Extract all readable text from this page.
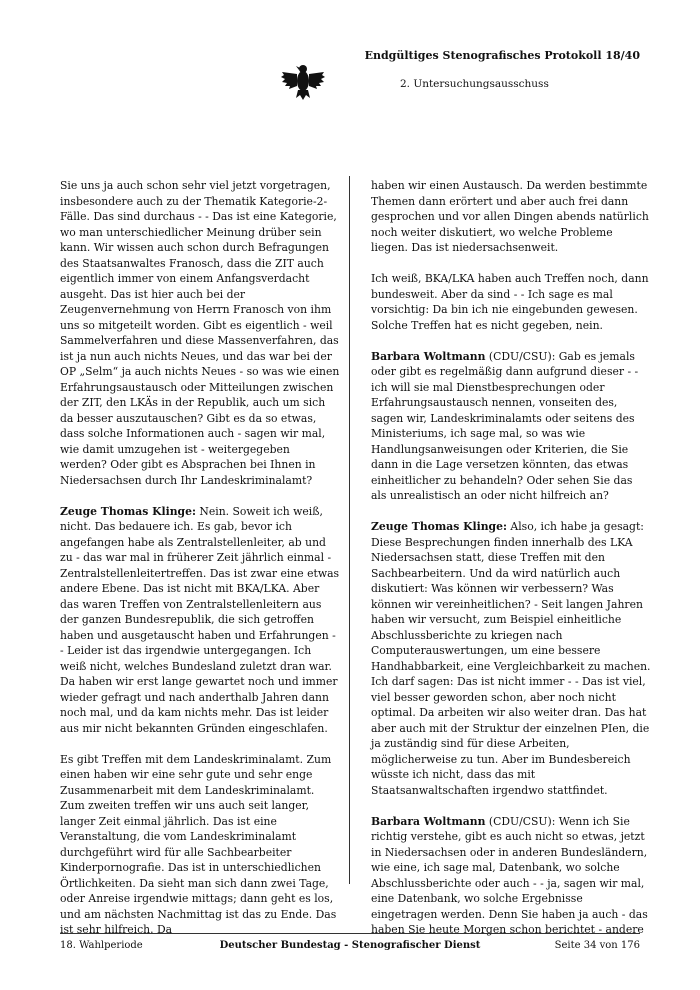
Endgültiges Stenografisches Protokoll 18/40
2. Untersuchungsausschuss

Sie uns ja auch schon sehr viel jetzt vorgetragen, insbesondere auch zu der Thematik Kategorie-2-Fälle. Das sind durchaus - - Das ist eine Kategorie, wo man unterschiedlicher Meinung drüber sein kann. Wir wissen auch schon durch Befragungen des Staatsanwaltes Franosch, dass die ZIT auch eigentlich immer von einem Anfangsverdacht ausgeht. Das ist hier auch bei der Zeugenvernehmung von Herrn Franosch von ihm uns so mitgeteilt worden. Gibt es eigentlich - weil Sammelverfahren und diese Massenverfahren, das ist ja nun auch nichts Neues, und das war bei der OP „Selm“ ja auch nichts Neues - so was wie einen Erfahrungsaustausch oder Mitteilungen zwischen der ZIT, den LKÄs in der Republik, auch um sich da besser auszutauschen? Gibt es da so etwas, dass solche Informationen auch - sagen wir mal, wie damit umzugehen ist - weitergegeben werden? Oder gibt es Absprachen bei Ihnen in Niedersachsen durch Ihr Landeskriminalamt?

Zeuge Thomas Klinge: Nein. Soweit ich weiß, nicht. Das bedauere ich. Es gab, bevor ich angefangen habe als Zentralstellenleiter, ab und zu - das war mal in früherer Zeit jährlich einmal - Zentralstellenleitertreffen. Das ist zwar eine etwas andere Ebene. Das ist nicht mit BKA/LKA. Aber das waren Treffen von Zentralstellenleitern aus der ganzen Bundesrepublik, die sich getroffen haben und ausgetauscht haben und Erfahrungen - - Leider ist das irgendwie untergegangen. Ich weiß nicht, welches Bundesland zuletzt dran war. Da haben wir erst lange gewartet noch und immer wieder gefragt und nach anderthalb Jahren dann noch mal, und da kam nichts mehr. Das ist leider aus mir nicht bekannten Gründen eingeschlafen.

Es gibt Treffen mit dem Landeskriminalamt. Zum einen haben wir eine sehr gute und sehr enge Zusammenarbeit mit dem Landeskriminalamt. Zum zweiten treffen wir uns auch seit langer, langer Zeit einmal jährlich. Das ist eine Veranstaltung, die vom Landeskriminalamt durchgeführt wird für alle Sachbearbeiter Kinderpornografie. Das ist in unterschiedlichen Örtlichkeiten. Da sieht man sich dann zwei Tage, oder Anreise irgendwie mittags; dann geht es los, und am nächsten Nachmittag ist das zu Ende. Das ist sehr hilfreich. Da

haben wir einen Austausch. Da werden bestimmte Themen dann erörtert und aber auch frei dann gesprochen und vor allen Dingen abends natürlich noch weiter diskutiert, wo welche Probleme liegen. Das ist niedersachsenweit.

Ich weiß, BKA/LKA haben auch Treffen noch, dann bundesweit. Aber da sind - - Ich sage es mal vorsichtig: Da bin ich nie eingebunden gewesen. Solche Treffen hat es nicht gegeben, nein.

Barbara Woltmann (CDU/CSU): Gab es jemals oder gibt es regelmäßig dann aufgrund dieser - - ich will sie mal Dienstbesprechungen oder Erfahrungsaustausch nennen, vonseiten des, sagen wir, Landeskriminalamts oder seitens des Ministeriums, ich sage mal, so was wie Handlungsanweisungen oder Kriterien, die Sie dann in die Lage versetzen könnten, das etwas einheitlicher zu behandeln? Oder sehen Sie das als unrealistisch an oder nicht hilfreich an?

Zeuge Thomas Klinge: Also, ich habe ja gesagt: Diese Besprechungen finden innerhalb des LKA Niedersachsen statt, diese Treffen mit den Sachbearbeitern. Und da wird natürlich auch diskutiert: Was können wir verbessern? Was können wir vereinheitlichen? - Seit langen Jahren haben wir versucht, zum Beispiel einheitliche Abschlussberichte zu kriegen nach Computerauswertungen, um eine bessere Handhabbarkeit, eine Vergleichbarkeit zu machen. Ich darf sagen: Das ist nicht immer - - Das ist viel, viel besser geworden schon, aber noch nicht optimal. Da arbeiten wir also weiter dran. Das hat aber auch mit der Struktur der einzelnen PIen, die ja zuständig sind für diese Arbeiten, möglicherweise zu tun. Aber im Bundesbereich wüsste ich nicht, dass das mit Staatsanwaltschaften irgendwo stattfindet.

Barbara Woltmann (CDU/CSU): Wenn ich Sie richtig verstehe, gibt es auch nicht so etwas, jetzt in Niedersachsen oder in anderen Bundesländern, wie eine, ich sage mal, Datenbank, wo solche Abschlussberichte oder auch - - ja, sagen wir mal, eine Datenbank, wo solche Ergebnisse eingetragen werden. Denn Sie haben ja auch - das haben Sie heute Morgen schon berichtet - andere

18. Wahlperiode	Deutscher Bundestag - Stenografischer Dienst	Seite 34 von 176
